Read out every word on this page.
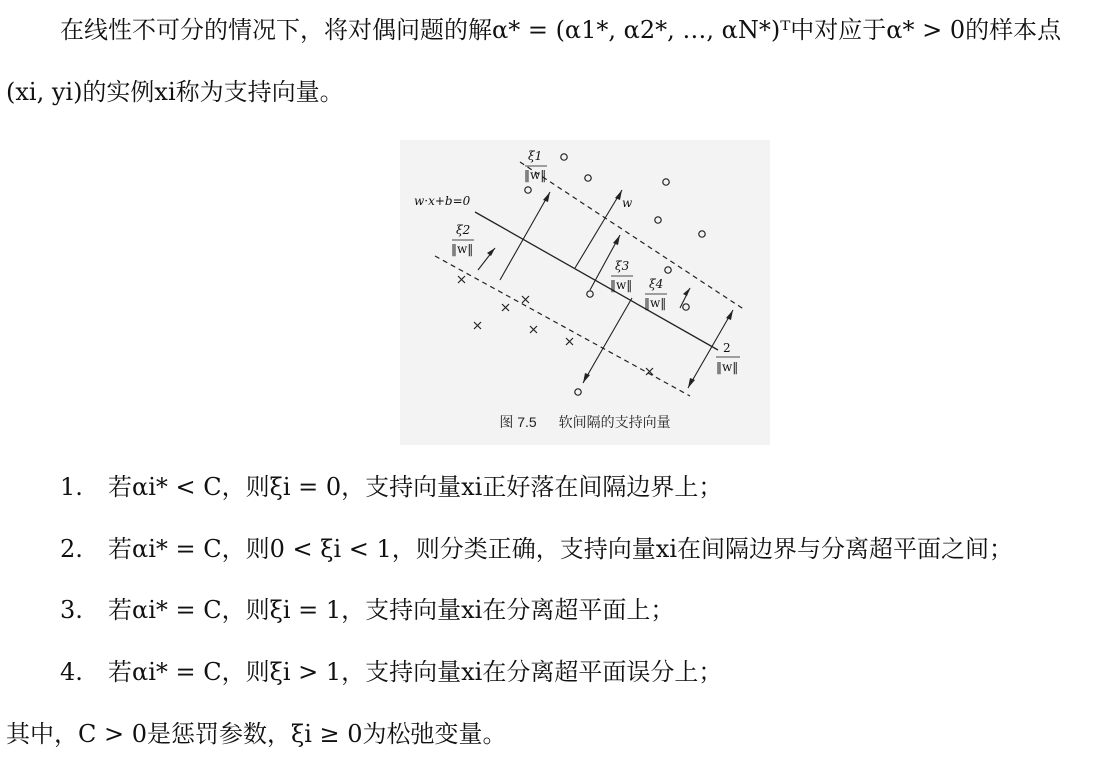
在线性不可分的情况下，将对偶问题的解α* = (α1*, α2*, …, αN*)ᵀ中对应于α* > 0的样本点
(xi, yi)的实例xi称为支持向量。
w·x+b=0	w
ξ1
‖w‖
ξ2
‖w‖
ξ3
‖w‖ ξ4
‖w‖
2
‖w‖
图 7.5 软间隔的支持向量
1. 若αi* < C，则ξi = 0，支持向量xi正好落在间隔边界上；
2. 若αi* = C，则0 < ξi < 1，则分类正确，支持向量xi在间隔边界与分离超平面之间；
3. 若αi* = C，则ξi = 1，支持向量xi在分离超平面上；
4. 若αi* = C，则ξi > 1，支持向量xi在分离超平面误分上；
其中，C > 0是惩罚参数，ξi ≥ 0为松弛变量。
